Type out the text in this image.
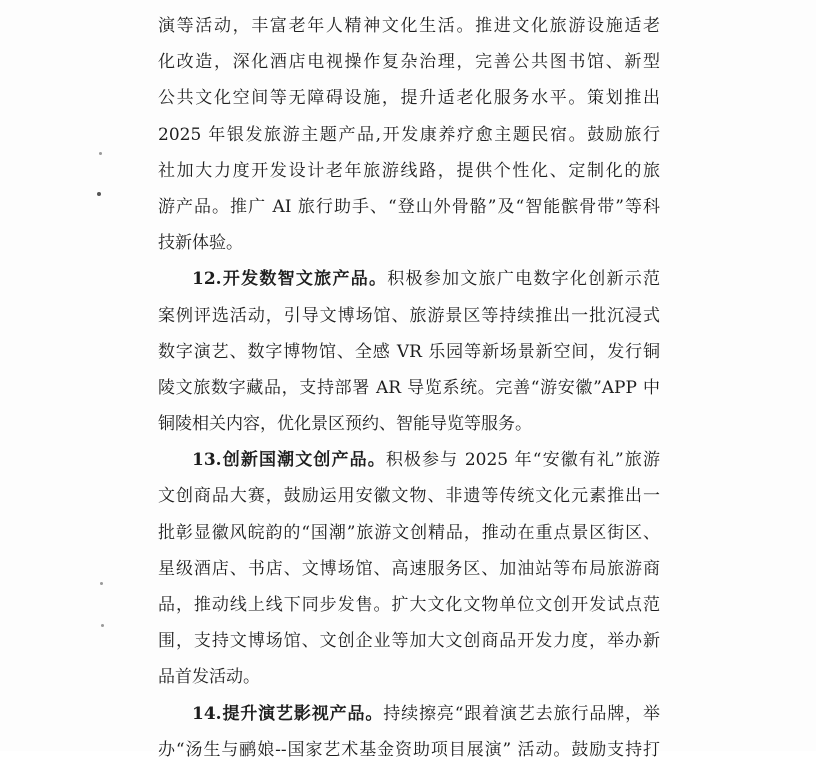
演等活动，丰富老年人精神文化生活。推进文化旅游设施适老
化改造，深化酒店电视操作复杂治理，完善公共图书馆、新型
公共文化空间等无障碍设施，提升适老化服务水平。策划推出
2025 年银发旅游主题产品,开发康养疗愈主题民宿。鼓励旅行
社加大力度开发设计老年旅游线路，提供个性化、定制化的旅
游产品。推广 AI 旅行助手、“登山外骨骼”及“智能髌骨带”等科
技新体验。
12.开发数智文旅产品。积极参加文旅广电数字化创新示范
案例评选活动，引导文博场馆、旅游景区等持续推出一批沉浸式
数字演艺、数字博物馆、全感 VR 乐园等新场景新空间，发行铜
陵文旅数字藏品，支持部署 AR 导览系统。完善“游安徽”APP 中
铜陵相关内容，优化景区预约、智能导览等服务。
13.创新国潮文创产品。积极参与 2025 年“安徽有礼”旅游
文创商品大赛，鼓励运用安徽文物、非遗等传统文化元素推出一
批彰显徽风皖韵的“国潮”旅游文创精品，推动在重点景区街区、
星级酒店、书店、文博场馆、高速服务区、加油站等布局旅游商
品，推动线上线下同步发售。扩大文化文物单位文创开发试点范
围，支持文博场馆、文创企业等加大文创商品开发力度，举办新
品首发活动。
14.提升演艺影视产品。持续擦亮“跟着演艺去旅行品牌，举
办“汤生与鹂娘--国家艺术基金资助项目展演” 活动。鼓励支持打
